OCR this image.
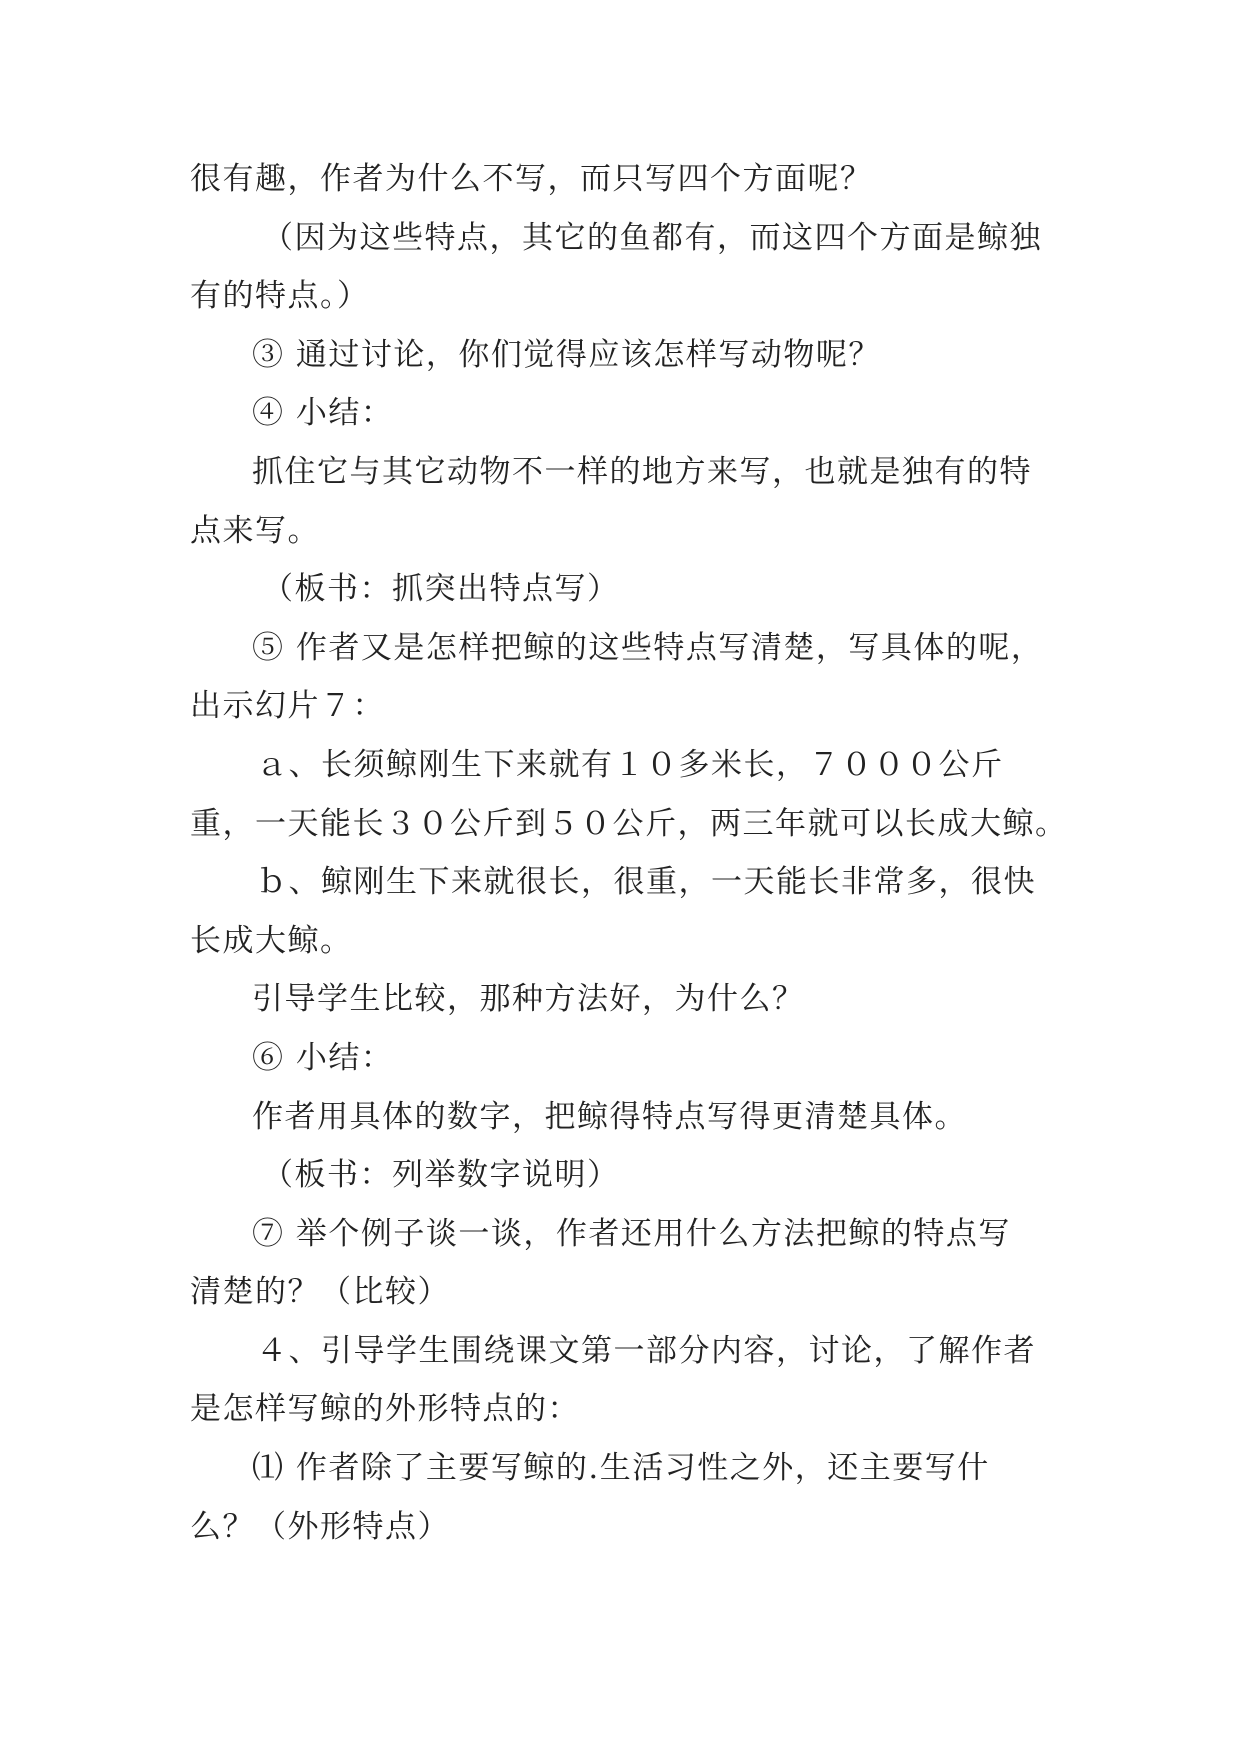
很有趣，作者为什么不写，而只写四个方面呢？
（因为这些特点，其它的鱼都有，而这四个方面是鲸独
有的特点。）
③ 通过讨论，你们觉得应该怎样写动物呢？
④ 小结：
抓住它与其它动物不一样的地方来写，也就是独有的特
点来写。
（板书：抓突出特点写）
⑤ 作者又是怎样把鲸的这些特点写清楚，写具体的呢，
出示幻片７：
ａ、长须鲸刚生下来就有１０多米长，７０００公斤
重，一天能长３０公斤到５０公斤，两三年就可以长成大鲸。
ｂ、鲸刚生下来就很长，很重，一天能长非常多，很快
长成大鲸。
引导学生比较，那种方法好，为什么？
⑥ 小结：
作者用具体的数字，把鲸得特点写得更清楚具体。
（板书：列举数字说明）
⑦ 举个例子谈一谈，作者还用什么方法把鲸的特点写
清楚的？（比较）
４、引导学生围绕课文第一部分内容，讨论，了解作者
是怎样写鲸的外形特点的：
⑴ 作者除了主要写鲸的.生活习性之外，还主要写什
么？（外形特点）
